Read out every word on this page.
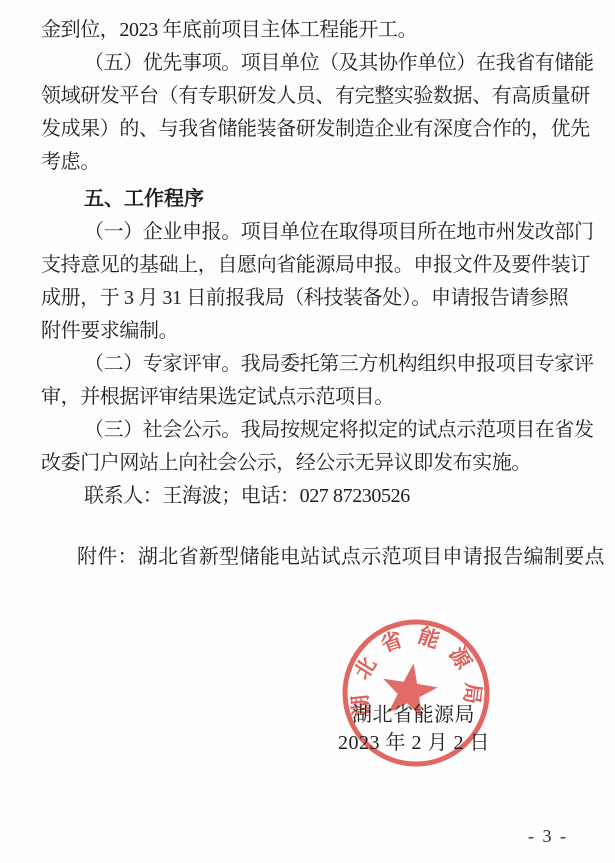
金到位，2023 年底前项目主体工程能开工。
（五）优先事项。项目单位（及其协作单位）在我省有储能
领域研发平台（有专职研发人员、有完整实验数据、有高质量研
发成果）的、与我省储能装备研发制造企业有深度合作的，优先
考虑。
五、工作程序
（一）企业申报。项目单位在取得项目所在地市州发改部门
支持意见的基础上，自愿向省能源局申报。申报文件及要件装订
成册，于 3 月 31 日前报我局（科技装备处）。申请报告请参照
附件要求编制。
（二）专家评审。我局委托第三方机构组织申报项目专家评
审，并根据评审结果选定试点示范项目。
（三）社会公示。我局按规定将拟定的试点示范项目在省发
改委门户网站上向社会公示，经公示无异议即发布实施。
联系人：王海波；电话：027 87230526
附件：湖北省新型储能电站试点示范项目申请报告编制要点
湖北省能源局
湖北省能源局
2023 年 2 月 2 日
- 3 -
